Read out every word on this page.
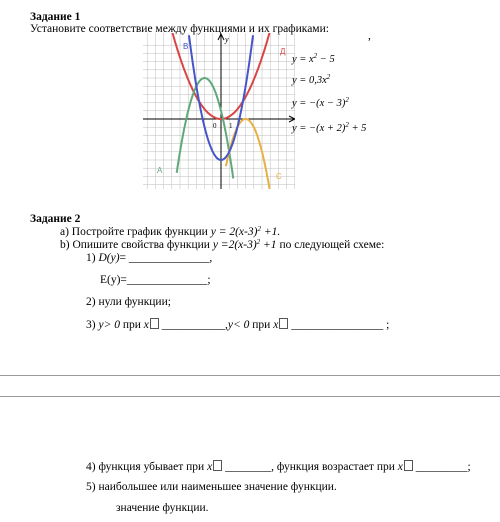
Задание 1
Установите соответствие между функциями и их графиками:
,
y
0 1
В
Д
А
С
$y = x^2 - 5$
$y = 0,3x^2$
$y = -(x - 3)^2$
$y = -(x + 2)^2 + 5$
Задание 2
а) Постройте график функции $y = 2(x-3)^2 +1$.
b) Опишите свойства функции $y =2(x-3)^2 +1$ по следующей схеме:
1) D(y)= ______________,
E(y)=______________;
2) нули функции;
3) y> 0 при x ___________,y< 0 при x ________________ ;
4) функция убывает при x ________, функция возрастает при x _________;
5) наибольшее или наименьшее значение функции.
значение функции.
